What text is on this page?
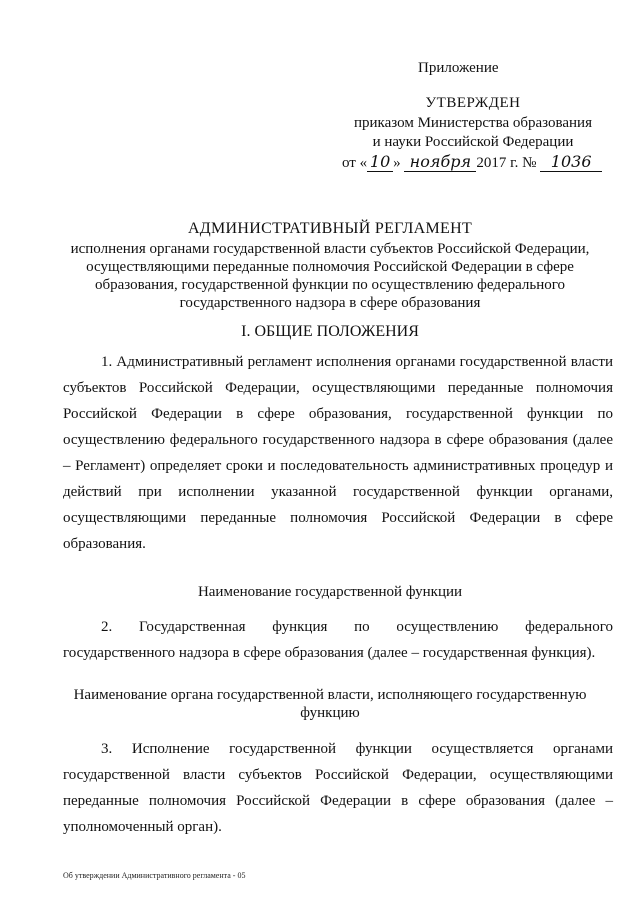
Приложение
УТВЕРЖДЕН
приказом Министерства образования
и науки Российской Федерации
от « 10 » ноября 2017 г. № 1036
АДМИНИСТРАТИВНЫЙ РЕГЛАМЕНТ
исполнения органами государственной власти субъектов Российской Федерации, осуществляющими переданные полномочия Российской Федерации в сфере образования, государственной функции по осуществлению федерального государственного надзора в сфере образования
I. ОБЩИЕ ПОЛОЖЕНИЯ
1. Административный регламент исполнения органами государственной власти субъектов Российской Федерации, осуществляющими переданные полномочия Российской Федерации в сфере образования, государственной функции по осуществлению федерального государственного надзора в сфере образования (далее – Регламент) определяет сроки и последовательность административных процедур и действий при исполнении указанной государственной функции органами, осуществляющими переданные полномочия Российской Федерации в сфере образования.
Наименование государственной функции
2. Государственная функция по осуществлению федерального государственного надзора в сфере образования (далее – государственная функция).
Наименование органа государственной власти, исполняющего государственную функцию
3. Исполнение государственной функции осуществляется органами государственной власти субъектов Российской Федерации, осуществляющими переданные полномочия Российской Федерации в сфере образования (далее – уполномоченный орган).
Об утверждении Административного регламента - 05
